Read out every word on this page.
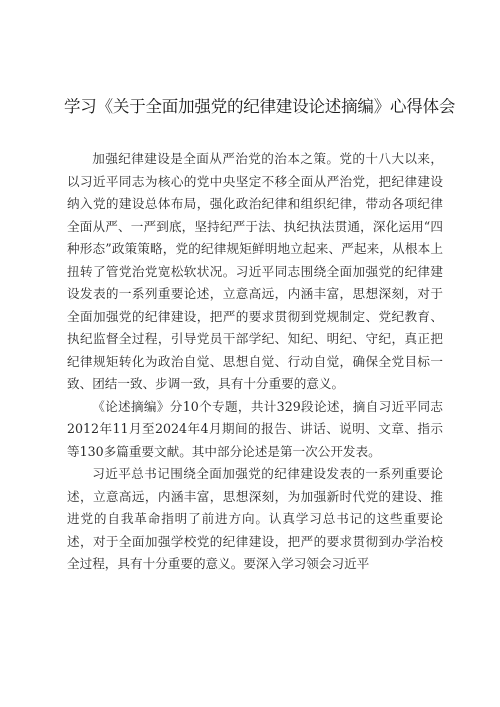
学习《关于全面加强党的纪律建设论述摘编》心得体会

加强纪律建设是全面从严治党的治本之策。党的十八大以来，以习近平同志为核心的党中央坚定不移全面从严治党，把纪律建设纳入党的建设总体布局，强化政治纪律和组织纪律，带动各项纪律全面从严、一严到底，坚持纪严于法、执纪执法贯通，深化运用“四种形态”政策策略，党的纪律规矩鲜明地立起来、严起来，从根本上扭转了管党治党宽松软状况。习近平同志围绕全面加强党的纪律建设发表的一系列重要论述，立意高远，内涵丰富，思想深刻，对于全面加强党的纪律建设，把严的要求贯彻到党规制定、党纪教育、执纪监督全过程，引导党员干部学纪、知纪、明纪、守纪，真正把纪律规矩转化为政治自觉、思想自觉、行动自觉，确保全党目标一致、团结一致、步调一致，具有十分重要的意义。

《论述摘编》分10个专题，共计329段论述，摘自习近平同志2012年11月至2024年4月期间的报告、讲话、说明、文章、指示等130多篇重要文献。其中部分论述是第一次公开发表。

习近平总书记围绕全面加强党的纪律建设发表的一系列重要论述，立意高远，内涵丰富，思想深刻，为加强新时代党的建设、推进党的自我革命指明了前进方向。认真学习总书记的这些重要论述，对于全面加强学校党的纪律建设，把严的要求贯彻到办学治校全过程，具有十分重要的意义。要深入学习领会习近平
